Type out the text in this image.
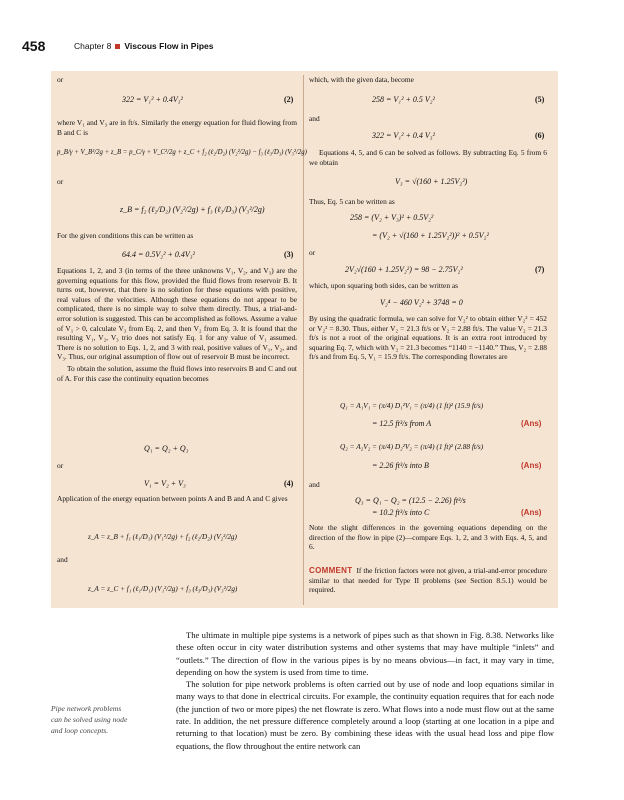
458	Chapter 8 Viscous Flow in Pipes
or
322 = V₁² + 0.4V₃²	(2)

where V₁ and V₃ are in ft/s. Similarly the energy equation for fluid flowing from B and C is

p_B/γ + V_B²/2g + z_B = p_C/γ + V_C²/2g + z_C + f₂ (ℓ₂/D₂) (V₂²/2g) − f₃ (ℓ₃/D₃) (V₃²/2g)
or
z_B = f₂ (ℓ₂/D₂) (V₂²/2g) + f₃ (ℓ₃/D₃) (V₃²/2g)
For the given conditions this can be written as
64.4 = 0.5V₂² + 0.4V₃²	(3)

Equations 1, 2, and 3 (in terms of the three unknowns V₁, V₂, and V₃) are the governing equations for this flow, provided the fluid flows from reservoir B. It turns out, however, that there is no solution for these equations with positive, real values of the velocities. Although these equations do not appear to be complicated, there is no simple way to solve them directly. Thus, a trial-and-error solution is suggested. This can be accomplished as follows. Assume a value of V₁ > 0, calculate V₃ from Eq. 2, and then V₂ from Eq. 3. It is found that the resulting V₁, V₂, V₃ trio does not satisfy Eq. 1 for any value of V₁ assumed. There is no solution to Eqs. 1, 2, and 3 with real, positive values of V₁, V₂, and V₃. Thus, our original assumption of flow out of reservoir B must be incorrect.

To obtain the solution, assume the fluid flows into reservoirs B and C and out of A. For this case the continuity equation becomes

Q₁ = Q₂ + Q₃
or
V₁ = V₂ + V₃	(4)

Application of the energy equation between points A and B and A and C gives

z_A = z_B + f₁ (ℓ₁/D₁) (V₁²/2g) + f₂ (ℓ₂/D₂) (V₂²/2g)
and
z_A = z_C + f₁ (ℓ₁/D₁) (V₁²/2g) + f₃ (ℓ₃/D₃) (V₃²/2g)
which, with the given data, become
258 = V₁² + 0.5 V₂²	(5)
and
322 = V₁² + 0.4 V₃²	(6)

Equations 4, 5, and 6 can be solved as follows. By subtracting Eq. 5 from 6 we obtain

V₃ = √(160 + 1.25V₂²)
Thus, Eq. 5 can be written as
258 = (V₂ + V₃)² + 0.5V₂²
= (V₂ + √(160 + 1.25V₂²))² + 0.5V₂²
or
2V₂√(160 + 1.25V₂²) = 98 − 2.75V₂²	(7)
which, upon squaring both sides, can be written as
V₂⁴ − 460 V₂² + 3748 = 0

By using the quadratic formula, we can solve for V₂² to obtain either V₂² = 452 or V₂² = 8.30. Thus, either V₂ = 21.3 ft/s or V₂ = 2.88 ft/s. The value V₂ = 21.3 ft/s is not a root of the original equations. It is an extra root introduced by squaring Eq. 7, which with V₂ = 21.3 becomes “1140 = −1140.” Thus, V₂ = 2.88 ft/s and from Eq. 5, V₁ = 15.9 ft/s. The corresponding flowrates are

Q₁ = A₁V₁ = (π/4) D₁²V₁ = (π/4) (1 ft)² (15.9 ft/s)
= 12.5 ft³/s from A	(Ans)
Q₂ = A₂V₂ = (π/4) D₂²V₂ = (π/4) (1 ft)² (2.88 ft/s)
= 2.26 ft³/s into B	(Ans)
and
Q₃ = Q₁ − Q₂ = (12.5 − 2.26) ft³/s
= 10.2 ft³/s into C	(Ans)

Note the slight differences in the governing equations depending on the direction of the flow in pipe (2)—compare Eqs. 1, 2, and 3 with Eqs. 4, 5, and 6.

COMMENT If the friction factors were not given, a trial-and-error procedure similar to that needed for Type II problems (see Section 8.5.1) would be required.

The ultimate in multiple pipe systems is a network of pipes such as that shown in Fig. 8.38. Networks like these often occur in city water distribution systems and other systems that may have multiple “inlets” and “outlets.” The direction of flow in the various pipes is by no means obvious—in fact, it may vary in time, depending on how the system is used from time to time.

The solution for pipe network problems is often carried out by use of node and loop equations similar in many ways to that done in electrical circuits. For example, the continuity equation requires that for each node (the junction of two or more pipes) the net flowrate is zero. What flows into a node must flow out at the same rate. In addition, the net pressure difference completely around a loop (starting at one location in a pipe and returning to that location) must be zero. By combining these ideas with the usual head loss and pipe flow equations, the flow throughout the entire network can

Pipe network problems can be solved using node and loop concepts.
